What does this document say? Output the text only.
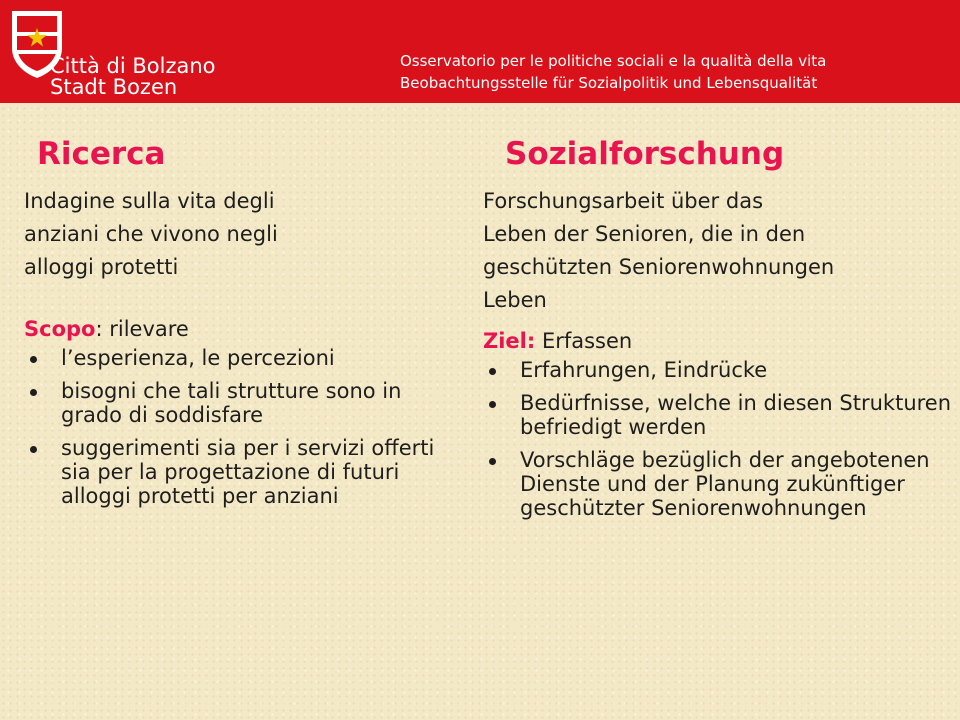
Città di Bolzano
Stadt Bozen
Osservatorio per le politiche sociali e la qualità della vita
Beobachtungsstelle für Sozialpolitik und Lebensqualität
Ricerca	Sozialforschung

Indagine sulla vita degli
anziani che vivono negli
alloggi protetti

Scopo: rilevare

l’esperienza, le percezioni
bisogni che tali strutture sono in grado di soddisfare
suggerimenti sia per i servizi offerti sia per la progettazione di futuri alloggi protetti per anziani

Forschungsarbeit über das
Leben der Senioren, die in den
geschützten Seniorenwohnungen
Leben

Ziel: Erfassen

Erfahrungen, Eindrücke
Bedürfnisse, welche in diesen Strukturen befriedigt werden
Vorschläge bezüglich der angebotenen Dienste und der Planung zukünftiger geschützter Seniorenwohnungen
